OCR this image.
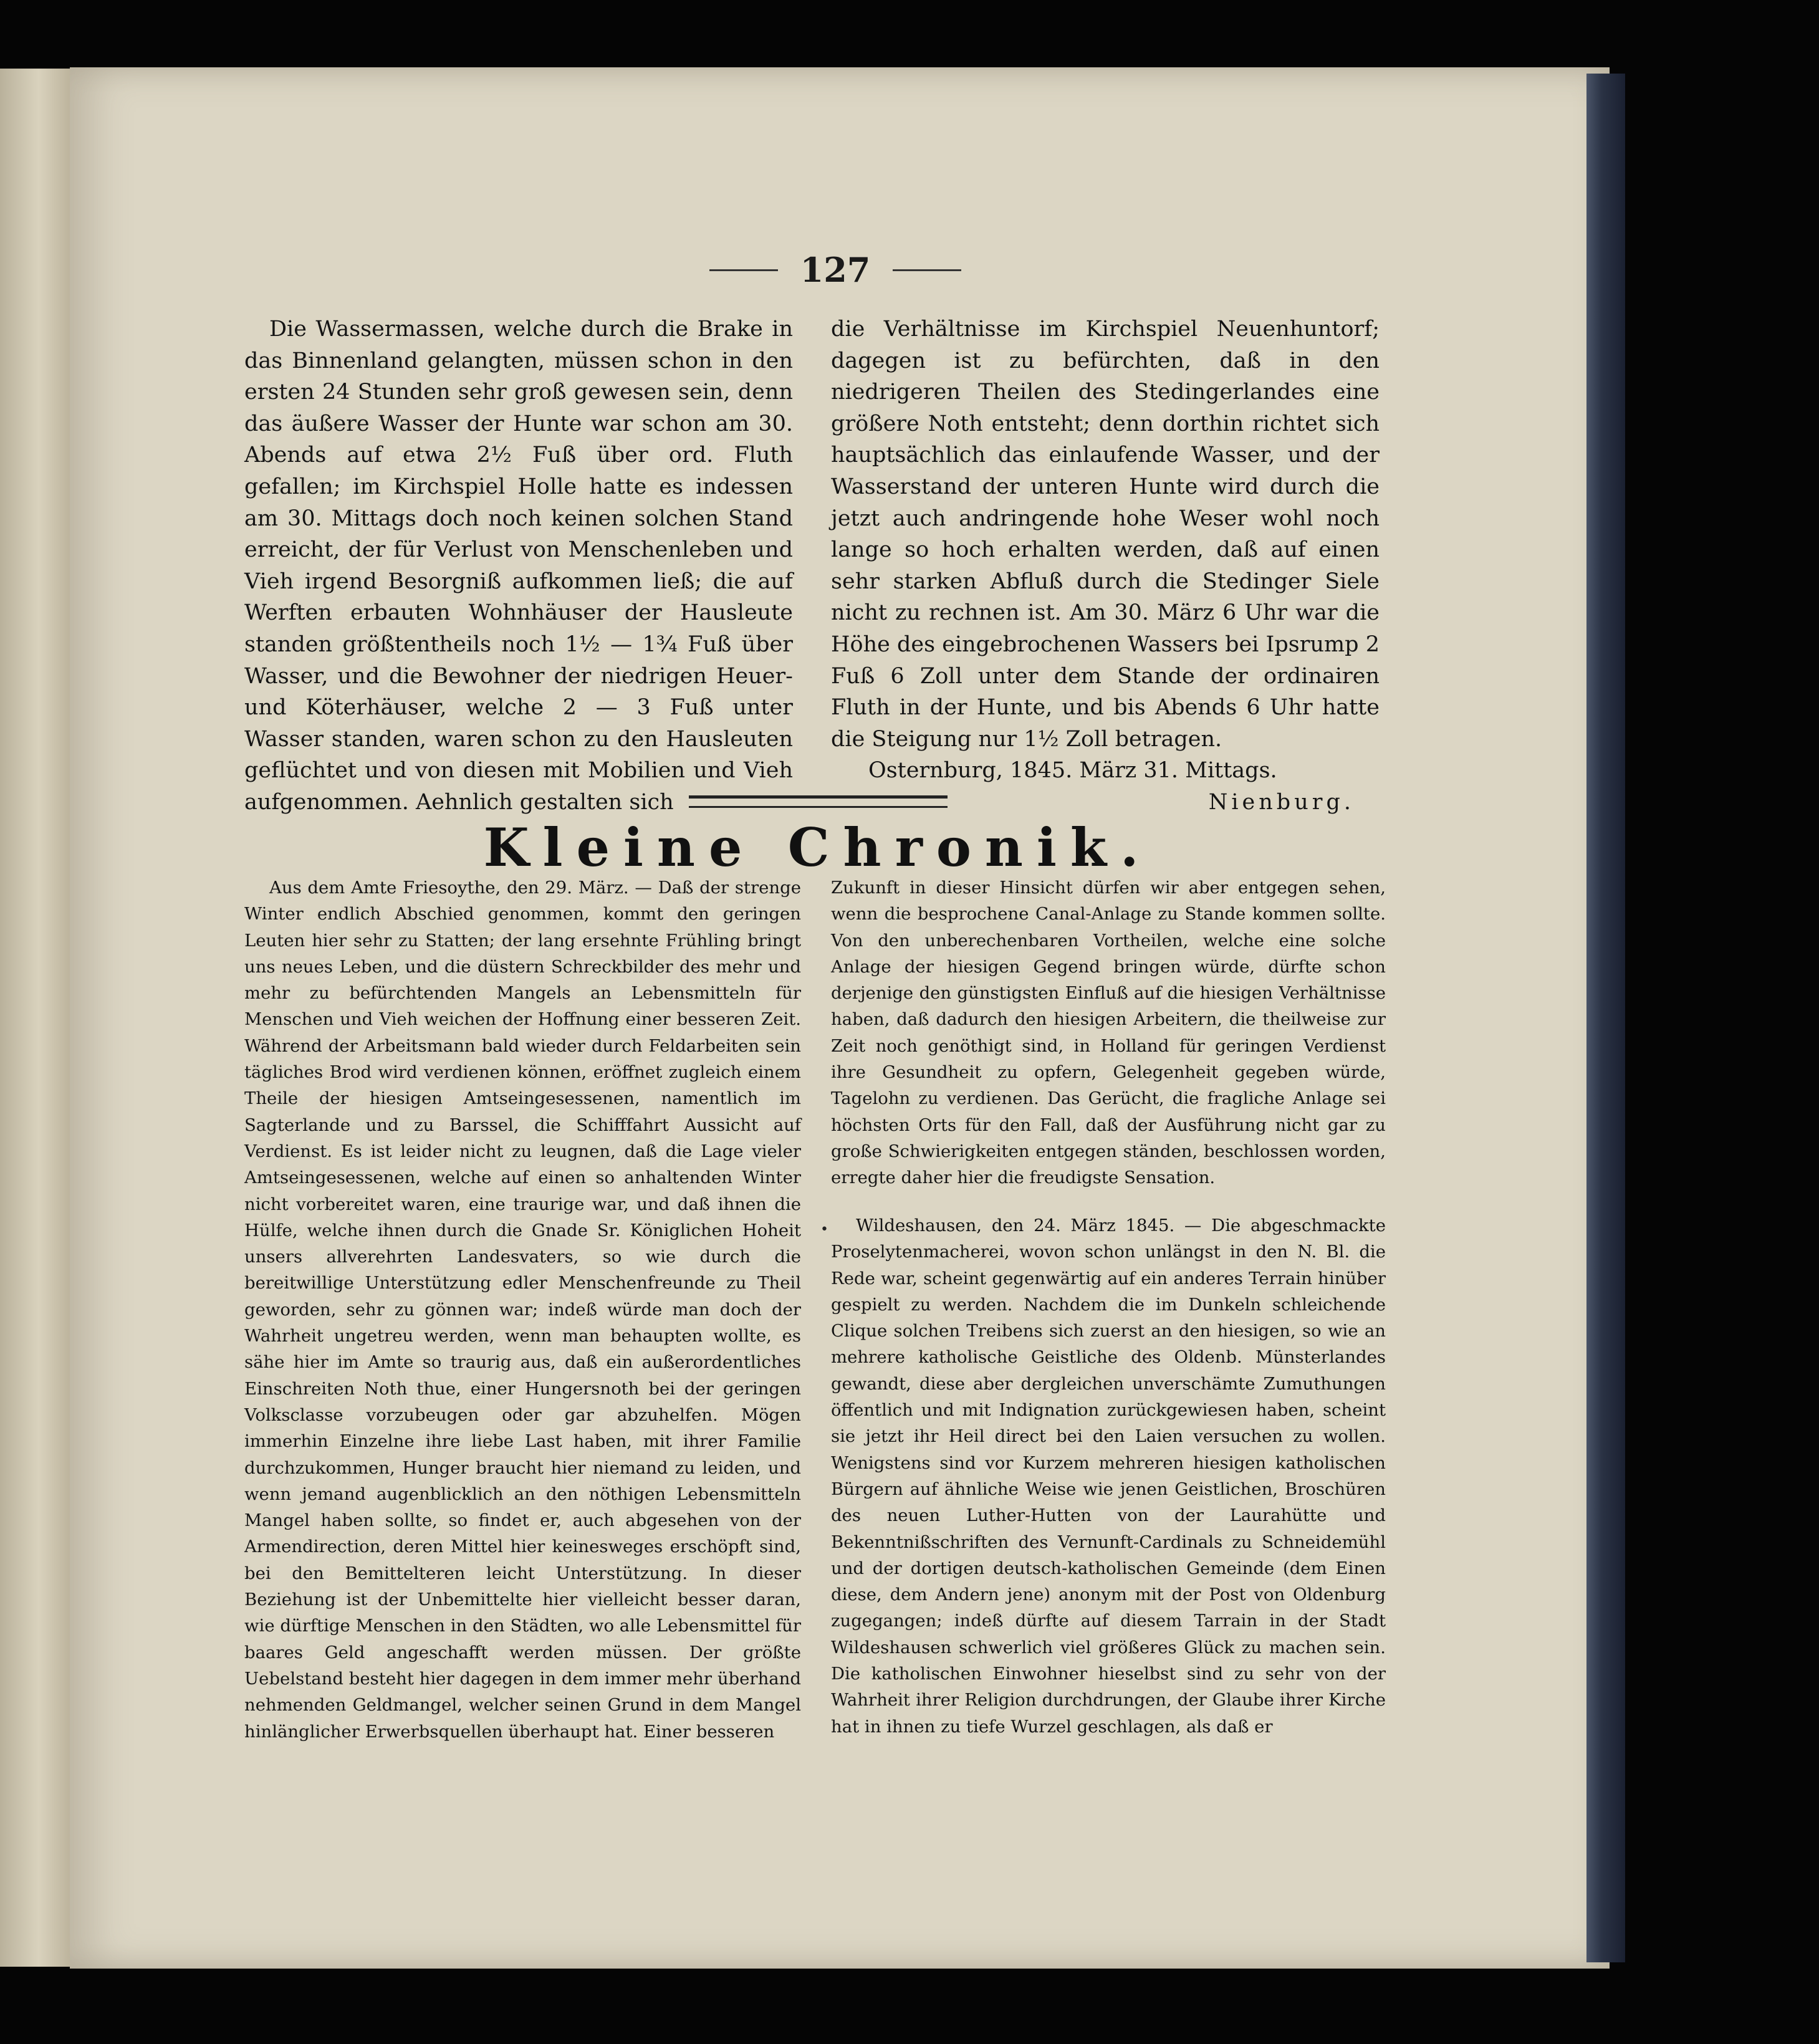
127

Die Wassermassen, welche durch die Brake in das Binnenland gelangten, müssen schon in den ersten 24 Stunden sehr groß gewesen sein, denn das äußere Wasser der Hunte war schon am 30. Abends auf etwa 2½ Fuß über ord. Fluth gefallen; im Kirchspiel Holle hatte es indessen am 30. Mittags doch noch keinen solchen Stand erreicht, der für Verlust von Menschenleben und Vieh irgend Besorgniß aufkommen ließ; die auf Werften erbauten Wohnhäuser der Hausleute standen größtentheils noch 1½ — 1¾ Fuß über Wasser, und die Bewohner der niedrigen Heuer- und Köterhäuser, welche 2 — 3 Fuß unter Wasser standen, waren schon zu den Hausleuten geflüchtet und von diesen mit Mobilien und Vieh aufgenommen. Aehnlich gestalten sich

die Verhältnisse im Kirchspiel Neuenhuntorf; dagegen ist zu befürchten, daß in den niedrigeren Theilen des Stedingerlandes eine größere Noth entsteht; denn dorthin richtet sich hauptsächlich das einlaufende Wasser, und der Wasserstand der unteren Hunte wird durch die jetzt auch andringende hohe Weser wohl noch lange so hoch erhalten werden, daß auf einen sehr starken Abfluß durch die Stedinger Siele nicht zu rechnen ist. Am 30. März 6 Uhr war die Höhe des eingebrochenen Wassers bei Ipsrump 2 Fuß 6 Zoll unter dem Stande der ordinairen Fluth in der Hunte, und bis Abends 6 Uhr hatte die Steigung nur 1½ Zoll betragen.

Osternburg, 1845. März 31. Mittags.

Nienburg.

Kleine Chronik.

Aus dem Amte Friesoythe, den 29. März. — Daß der strenge Winter endlich Abschied genommen, kommt den geringen Leuten hier sehr zu Statten; der lang ersehnte Frühling bringt uns neues Leben, und die düstern Schreckbilder des mehr und mehr zu befürchtenden Mangels an Lebensmitteln für Menschen und Vieh weichen der Hoffnung einer besseren Zeit. Während der Arbeitsmann bald wieder durch Feldarbeiten sein tägliches Brod wird verdienen können, eröffnet zugleich einem Theile der hiesigen Amtseingesessenen, namentlich im Sagterlande und zu Barssel, die Schifffahrt Aussicht auf Verdienst. Es ist leider nicht zu leugnen, daß die Lage vieler Amtseingesessenen, welche auf einen so anhaltenden Winter nicht vorbereitet waren, eine traurige war, und daß ihnen die Hülfe, welche ihnen durch die Gnade Sr. Königlichen Hoheit unsers allverehrten Landesvaters, so wie durch die bereitwillige Unterstützung edler Menschenfreunde zu Theil geworden, sehr zu gönnen war; indeß würde man doch der Wahrheit ungetreu werden, wenn man behaupten wollte, es sähe hier im Amte so traurig aus, daß ein außerordentliches Einschreiten Noth thue, einer Hungersnoth bei der geringen Volksclasse vorzubeugen oder gar abzuhelfen. Mögen immerhin Einzelne ihre liebe Last haben, mit ihrer Familie durchzukommen, Hunger braucht hier niemand zu leiden, und wenn jemand augenblicklich an den nöthigen Lebensmitteln Mangel haben sollte, so findet er, auch abgesehen von der Armendirection, deren Mittel hier keinesweges erschöpft sind, bei den Bemittelteren leicht Unterstützung. In dieser Beziehung ist der Unbemittelte hier vielleicht besser daran, wie dürftige Menschen in den Städten, wo alle Lebensmittel für baares Geld angeschafft werden müssen. Der größte Uebelstand besteht hier dagegen in dem immer mehr überhand nehmenden Geldmangel, welcher seinen Grund in dem Mangel hinlänglicher Erwerbsquellen überhaupt hat. Einer besseren

Zukunft in dieser Hinsicht dürfen wir aber entgegen sehen, wenn die besprochene Canal-Anlage zu Stande kommen sollte. Von den unberechenbaren Vortheilen, welche eine solche Anlage der hiesigen Gegend bringen würde, dürfte schon derjenige den günstigsten Einfluß auf die hiesigen Verhältnisse haben, daß dadurch den hiesigen Arbeitern, die theilweise zur Zeit noch genöthigt sind, in Holland für geringen Verdienst ihre Gesundheit zu opfern, Gelegenheit gegeben würde, Tagelohn zu verdienen. Das Gerücht, die fragliche Anlage sei höchsten Orts für den Fall, daß der Ausführung nicht gar zu große Schwierigkeiten entgegen ständen, beschlossen worden, erregte daher hier die freudigste Sensation.

•	Wildeshausen, den 24. März 1845. — Die abgeschmackte Proselytenmacherei, wovon schon unlängst in den N. Bl. die Rede war, scheint gegenwärtig auf ein anderes Terrain hinüber gespielt zu werden. Nachdem die im Dunkeln schleichende Clique solchen Treibens sich zuerst an den hiesigen, so wie an mehrere katholische Geistliche des Oldenb. Münsterlandes gewandt, diese aber dergleichen unverschämte Zumuthungen öffentlich und mit Indignation zurückgewiesen haben, scheint sie jetzt ihr Heil direct bei den Laien versuchen zu wollen. Wenigstens sind vor Kurzem mehreren hiesigen katholischen Bürgern auf ähnliche Weise wie jenen Geistlichen, Broschüren des neuen Luther-Hutten von der Laurahütte und Bekenntnißschriften des Vernunft-Cardinals zu Schneidemühl und der dortigen deutsch-katholischen Gemeinde (dem Einen diese, dem Andern jene) anonym mit der Post von Oldenburg zugegangen; indeß dürfte auf diesem Tarrain in der Stadt Wildeshausen schwerlich viel größeres Glück zu machen sein. Die katholischen Einwohner hieselbst sind zu sehr von der Wahrheit ihrer Religion durchdrungen, der Glaube ihrer Kirche hat in ihnen zu tiefe Wurzel geschlagen, als daß er
